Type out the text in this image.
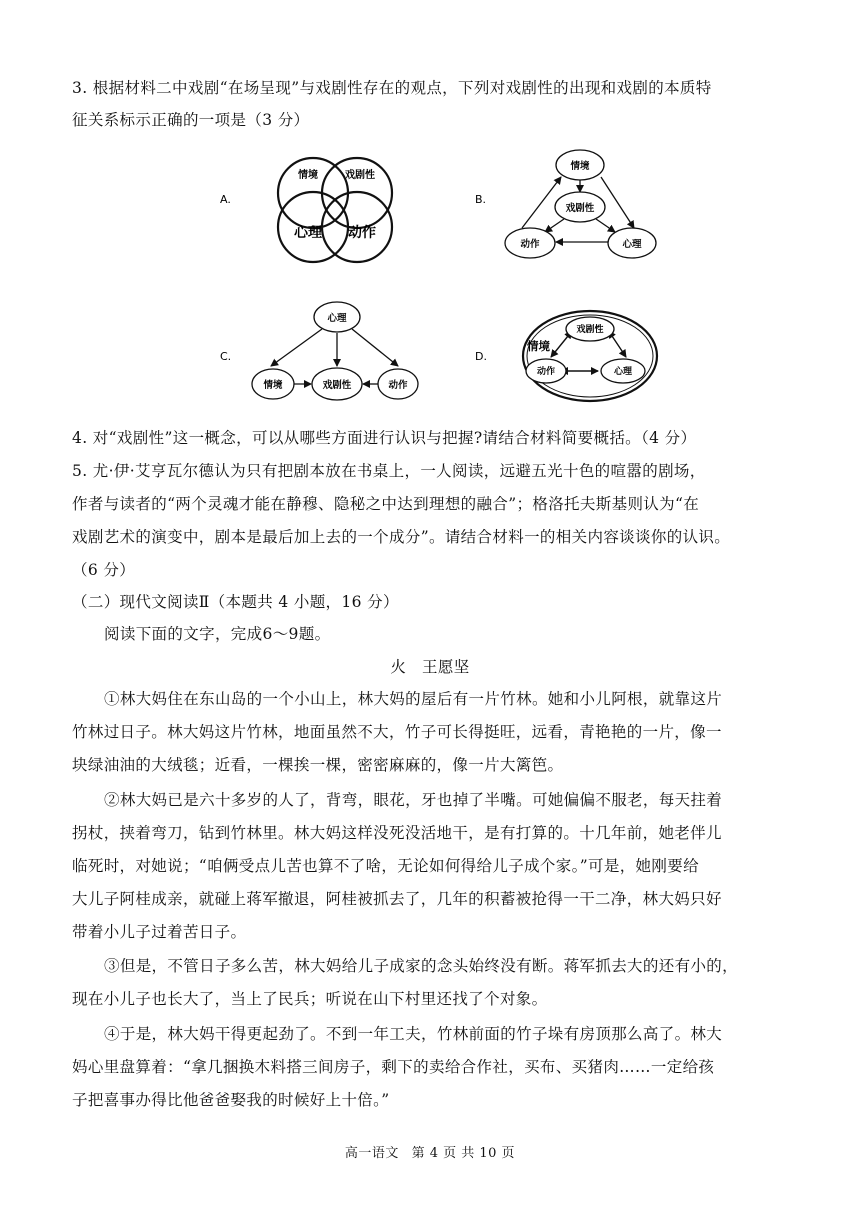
3. 根据材料二中戏剧“在场呈现”与戏剧性存在的观点，下列对戏剧性的出现和戏剧的本质特
征关系标示正确的一项是（3 分）
A.
情境	戏剧性
心理 动作
B.
情境
戏剧性
动作	心理
C.
心理
情境	戏剧性	动作
D.
情境
戏剧性
动作	心理
4. 对“戏剧性”这一概念，可以从哪些方面进行认识与把握?请结合材料简要概括。（4 分）
5. 尤·伊·艾亨瓦尔德认为只有把剧本放在书桌上，一人阅读，远避五光十色的喧嚣的剧场，
作者与读者的“两个灵魂才能在静穆、隐秘之中达到理想的融合”；格洛托夫斯基则认为“在
戏剧艺术的演变中，剧本是最后加上去的一个成分”。请结合材料一的相关内容谈谈你的认识。
（6 分）
（二）现代文阅读Ⅱ（本题共 4 小题，16 分）
阅读下面的文字，完成6～9题。
火　王愿坚
①林大妈住在东山岛的一个小山上，林大妈的屋后有一片竹林。她和小儿阿根，就靠这片
竹林过日子。林大妈这片竹林，地面虽然不大，竹子可长得挺旺，远看，青艳艳的一片，像一
块绿油油的大绒毯；近看，一棵挨一棵，密密麻麻的，像一片大篱笆。
②林大妈已是六十多岁的人了，背弯，眼花，牙也掉了半嘴。可她偏偏不服老，每天拄着
拐杖，挟着弯刀，钻到竹林里。林大妈这样没死没活地干，是有打算的。十几年前，她老伴儿
临死时，对她说；“咱俩受点儿苦也算不了啥，无论如何得给儿子成个家。”可是，她刚要给
大儿子阿桂成亲，就碰上蒋军撤退，阿桂被抓去了，几年的积蓄被抢得一干二净，林大妈只好
带着小儿子过着苦日子。
③但是，不管日子多么苦，林大妈给儿子成家的念头始终没有断。蒋军抓去大的还有小的，
现在小儿子也长大了，当上了民兵；听说在山下村里还找了个对象。
④于是，林大妈干得更起劲了。不到一年工夫，竹林前面的竹子垛有房顶那么高了。林大
妈心里盘算着：“拿几捆换木料搭三间房子，剩下的卖给合作社，买布、买猪肉……一定给孩
子把喜事办得比他爸爸娶我的时候好上十倍。”
高一语文 第 4 页 共 10 页
